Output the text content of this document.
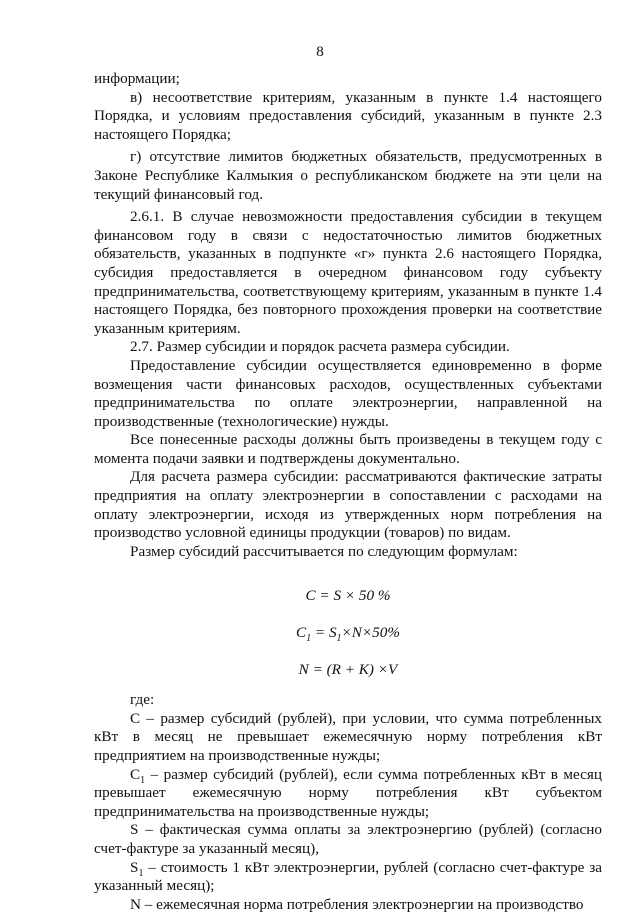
8

информации;

в) несоответствие критериям, указанным в пункте 1.4 настоящего Порядка, и условиям предоставления субсидий, указанным в пункте 2.3 настоящего Порядка;

г) отсутствие лимитов бюджетных обязательств, предусмотренных в Законе Республике Калмыкия о республиканском бюджете на эти цели на текущий финансовый год.

2.6.1. В случае невозможности предоставления субсидии в текущем финансовом году в связи с недостаточностью лимитов бюджетных обязательств, указанных в подпункте «г» пункта 2.6 настоящего Порядка, субсидия предоставляется в очередном финансовом году субъекту предпринимательства, соответствующему критериям, указанным в пункте 1.4 настоящего Порядка, без повторного прохождения проверки на соответствие указанным критериям.

2.7. Размер субсидии и порядок расчета размера субсидии.

Предоставление субсидии осуществляется единовременно в форме возмещения части финансовых расходов, осуществленных субъектами предпринимательства по оплате электроэнергии, направленной на производственные (технологические) нужды.

Все понесенные расходы должны быть произведены в текущем году с момента подачи заявки и подтверждены документально.

Для расчета размера субсидии: рассматриваются фактические затраты предприятия на оплату электроэнергии в сопоставлении с расходами на оплату электроэнергии, исходя из утвержденных норм потребления на производство условной единицы продукции (товаров) по видам.

Размер субсидий рассчитывается по следующим формулам:

C = S × 50 %

$C_1 = S_1\times N\times 50\%$

N = (R + K) ×V

где:

С – размер субсидий (рублей), при условии, что сумма потребленных кВт в месяц не превышает ежемесячную норму потребления кВт предприятием на производственные нужды;

$С_1$ – размер субсидий (рублей), если сумма потребленных кВт в месяц превышает ежемесячную норму потребления кВт субъектом предпринимательства на производственные нужды;

S – фактическая сумма оплаты за электроэнергию (рублей) (согласно счет-фактуре за указанный месяц),

$S_1$ – стоимость 1 кВт электроэнергии, рублей (согласно счет-фактуре за указанный месяц);

N – ежемесячная норма потребления электроэнергии на производство
